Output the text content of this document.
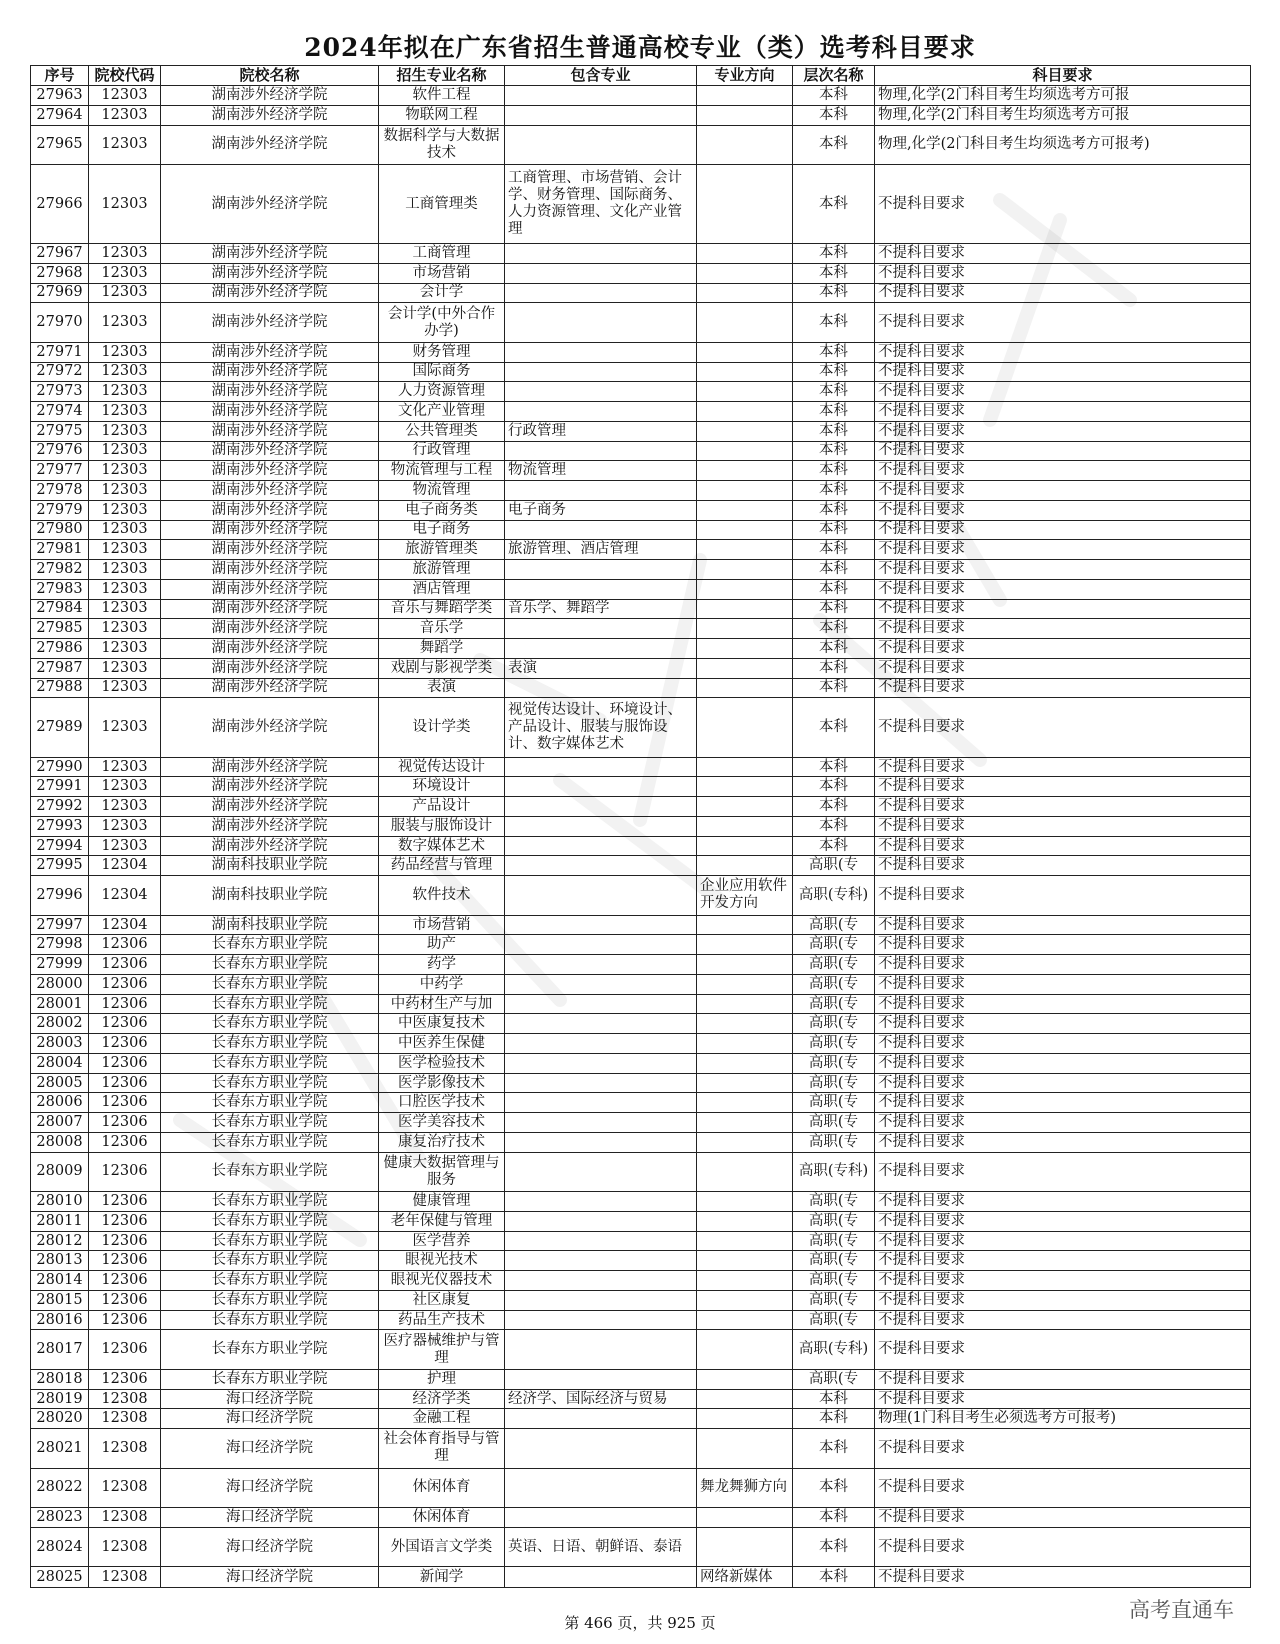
2024年拟在广东省招生普通高校专业（类）选考科目要求
序号	院校代码	院校名称	招生专业名称	包含专业	专业方向	层次名称	科目要求
27963	12303	湖南涉外经济学院	软件工程			本科	物理,化学(2门科目考生均须选考方可报
27964	12303	湖南涉外经济学院	物联网工程			本科	物理,化学(2门科目考生均须选考方可报
27965	12303	湖南涉外经济学院	数据科学与大数据技术			本科	物理,化学(2门科目考生均须选考方可报考)
27966	12303	湖南涉外经济学院	工商管理类	工商管理、市场营销、会计学、财务管理、国际商务、人力资源管理、文化产业管理		本科	不提科目要求
27967	12303	湖南涉外经济学院	工商管理			本科	不提科目要求
27968	12303	湖南涉外经济学院	市场营销			本科	不提科目要求
27969	12303	湖南涉外经济学院	会计学			本科	不提科目要求
27970	12303	湖南涉外经济学院	会计学(中外合作办学)			本科	不提科目要求
27971	12303	湖南涉外经济学院	财务管理			本科	不提科目要求
27972	12303	湖南涉外经济学院	国际商务			本科	不提科目要求
27973	12303	湖南涉外经济学院	人力资源管理			本科	不提科目要求
27974	12303	湖南涉外经济学院	文化产业管理			本科	不提科目要求
27975	12303	湖南涉外经济学院	公共管理类	行政管理		本科	不提科目要求
27976	12303	湖南涉外经济学院	行政管理			本科	不提科目要求
27977	12303	湖南涉外经济学院	物流管理与工程	物流管理		本科	不提科目要求
27978	12303	湖南涉外经济学院	物流管理			本科	不提科目要求
27979	12303	湖南涉外经济学院	电子商务类	电子商务		本科	不提科目要求
27980	12303	湖南涉外经济学院	电子商务			本科	不提科目要求
27981	12303	湖南涉外经济学院	旅游管理类	旅游管理、酒店管理		本科	不提科目要求
27982	12303	湖南涉外经济学院	旅游管理			本科	不提科目要求
27983	12303	湖南涉外经济学院	酒店管理			本科	不提科目要求
27984	12303	湖南涉外经济学院	音乐与舞蹈学类	音乐学、舞蹈学		本科	不提科目要求
27985	12303	湖南涉外经济学院	音乐学			本科	不提科目要求
27986	12303	湖南涉外经济学院	舞蹈学			本科	不提科目要求
27987	12303	湖南涉外经济学院	戏剧与影视学类	表演		本科	不提科目要求
27988	12303	湖南涉外经济学院	表演			本科	不提科目要求
27989	12303	湖南涉外经济学院	设计学类	视觉传达设计、环境设计、产品设计、服装与服饰设计、数字媒体艺术		本科	不提科目要求
27990	12303	湖南涉外经济学院	视觉传达设计			本科	不提科目要求
27991	12303	湖南涉外经济学院	环境设计			本科	不提科目要求
27992	12303	湖南涉外经济学院	产品设计			本科	不提科目要求
27993	12303	湖南涉外经济学院	服装与服饰设计			本科	不提科目要求
27994	12303	湖南涉外经济学院	数字媒体艺术			本科	不提科目要求
27995	12304	湖南科技职业学院	药品经营与管理			高职(专	不提科目要求
27996	12304	湖南科技职业学院	软件技术		企业应用软件开发方向	高职(专科)	不提科目要求
27997	12304	湖南科技职业学院	市场营销			高职(专	不提科目要求
27998	12306	长春东方职业学院	助产			高职(专	不提科目要求
27999	12306	长春东方职业学院	药学			高职(专	不提科目要求
28000	12306	长春东方职业学院	中药学			高职(专	不提科目要求
28001	12306	长春东方职业学院	中药材生产与加			高职(专	不提科目要求
28002	12306	长春东方职业学院	中医康复技术			高职(专	不提科目要求
28003	12306	长春东方职业学院	中医养生保健			高职(专	不提科目要求
28004	12306	长春东方职业学院	医学检验技术			高职(专	不提科目要求
28005	12306	长春东方职业学院	医学影像技术			高职(专	不提科目要求
28006	12306	长春东方职业学院	口腔医学技术			高职(专	不提科目要求
28007	12306	长春东方职业学院	医学美容技术			高职(专	不提科目要求
28008	12306	长春东方职业学院	康复治疗技术			高职(专	不提科目要求
28009	12306	长春东方职业学院	健康大数据管理与服务			高职(专科)	不提科目要求
28010	12306	长春东方职业学院	健康管理			高职(专	不提科目要求
28011	12306	长春东方职业学院	老年保健与管理			高职(专	不提科目要求
28012	12306	长春东方职业学院	医学营养			高职(专	不提科目要求
28013	12306	长春东方职业学院	眼视光技术			高职(专	不提科目要求
28014	12306	长春东方职业学院	眼视光仪器技术			高职(专	不提科目要求
28015	12306	长春东方职业学院	社区康复			高职(专	不提科目要求
28016	12306	长春东方职业学院	药品生产技术			高职(专	不提科目要求
28017	12306	长春东方职业学院	医疗器械维护与管理			高职(专科)	不提科目要求
28018	12306	长春东方职业学院	护理			高职(专	不提科目要求
28019	12308	海口经济学院	经济学类	经济学、国际经济与贸易		本科	不提科目要求
28020	12308	海口经济学院	金融工程			本科	物理(1门科目考生必须选考方可报考)
28021	12308	海口经济学院	社会体育指导与管理			本科	不提科目要求
28022	12308	海口经济学院	休闲体育		舞龙舞狮方向	本科	不提科目要求
28023	12308	海口经济学院	休闲体育			本科	不提科目要求
28024	12308	海口经济学院	外国语言文学类	英语、日语、朝鲜语、泰语		本科	不提科目要求
28025	12308	海口经济学院	新闻学		网络新媒体	本科	不提科目要求
第 466 页，共 925 页
高考直通车
